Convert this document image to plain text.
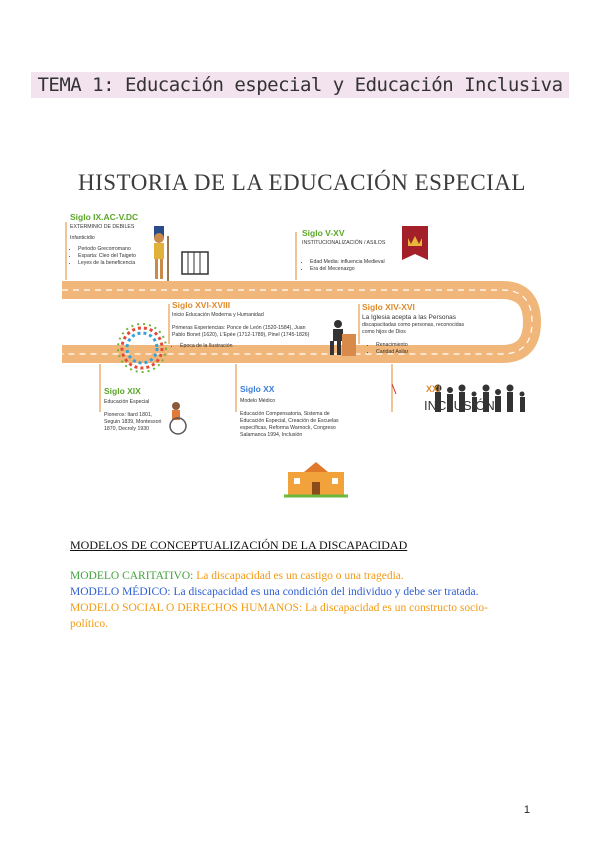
TEMA 1: Educación especial y Educación Inclusiva
HISTORIA DE LA EDUCACIÓN ESPECIAL
Siglo IX.AC-V.DC
EXTERMINIO DE DEBILES
Infanticidio
• Periodo Grecorromano
• Esparta: Cleo del Taigeto
• Leyes de la beneficencia
Siglo V-XV
INSTITUCIONALIZACIÓN / ASILOS
• Edad Media: influencia Medieval
• Era del Mecenazgo
Siglo XVI-XVIII
Inicio Educación Moderna y Humanidad
Primeras Experiencias: Ponce de León (1520-1584), Juan Pablo Bonet (1620), L'Epée (1712-1789), Pinel (1745-1826)
• Época de la Ilustración
Siglo XIV-XVI
La Iglesia acepta a las Personas
discapacitadas como personas, reconocidas como hijos de Dios
• Renacimiento
• Caridad Asilar
Siglo XIX
Educación Especial
Pioneros: Itard 1801, Seguin 1839, Montessori 1870, Decroly 1930
Siglo XX
Modelo Médico
Educación Compensatoria, Sistema de Educación Especial, Creación de Escuelas específicas, Reforma Warnock, Congreso Salamanca 1994, Inclusión
XXI
INCLUSIÓN
MODELOS DE CONCEPTUALIZACIÓN DE LA DISCAPACIDAD
MODELO CARITATIVO: La discapacidad es un castigo o una tragedia.
MODELO MÉDICO: La discapacidad es una condición del individuo y debe ser tratada.
MODELO SOCIAL O DERECHOS HUMANOS: La discapacidad es un constructo socio-político.
1
